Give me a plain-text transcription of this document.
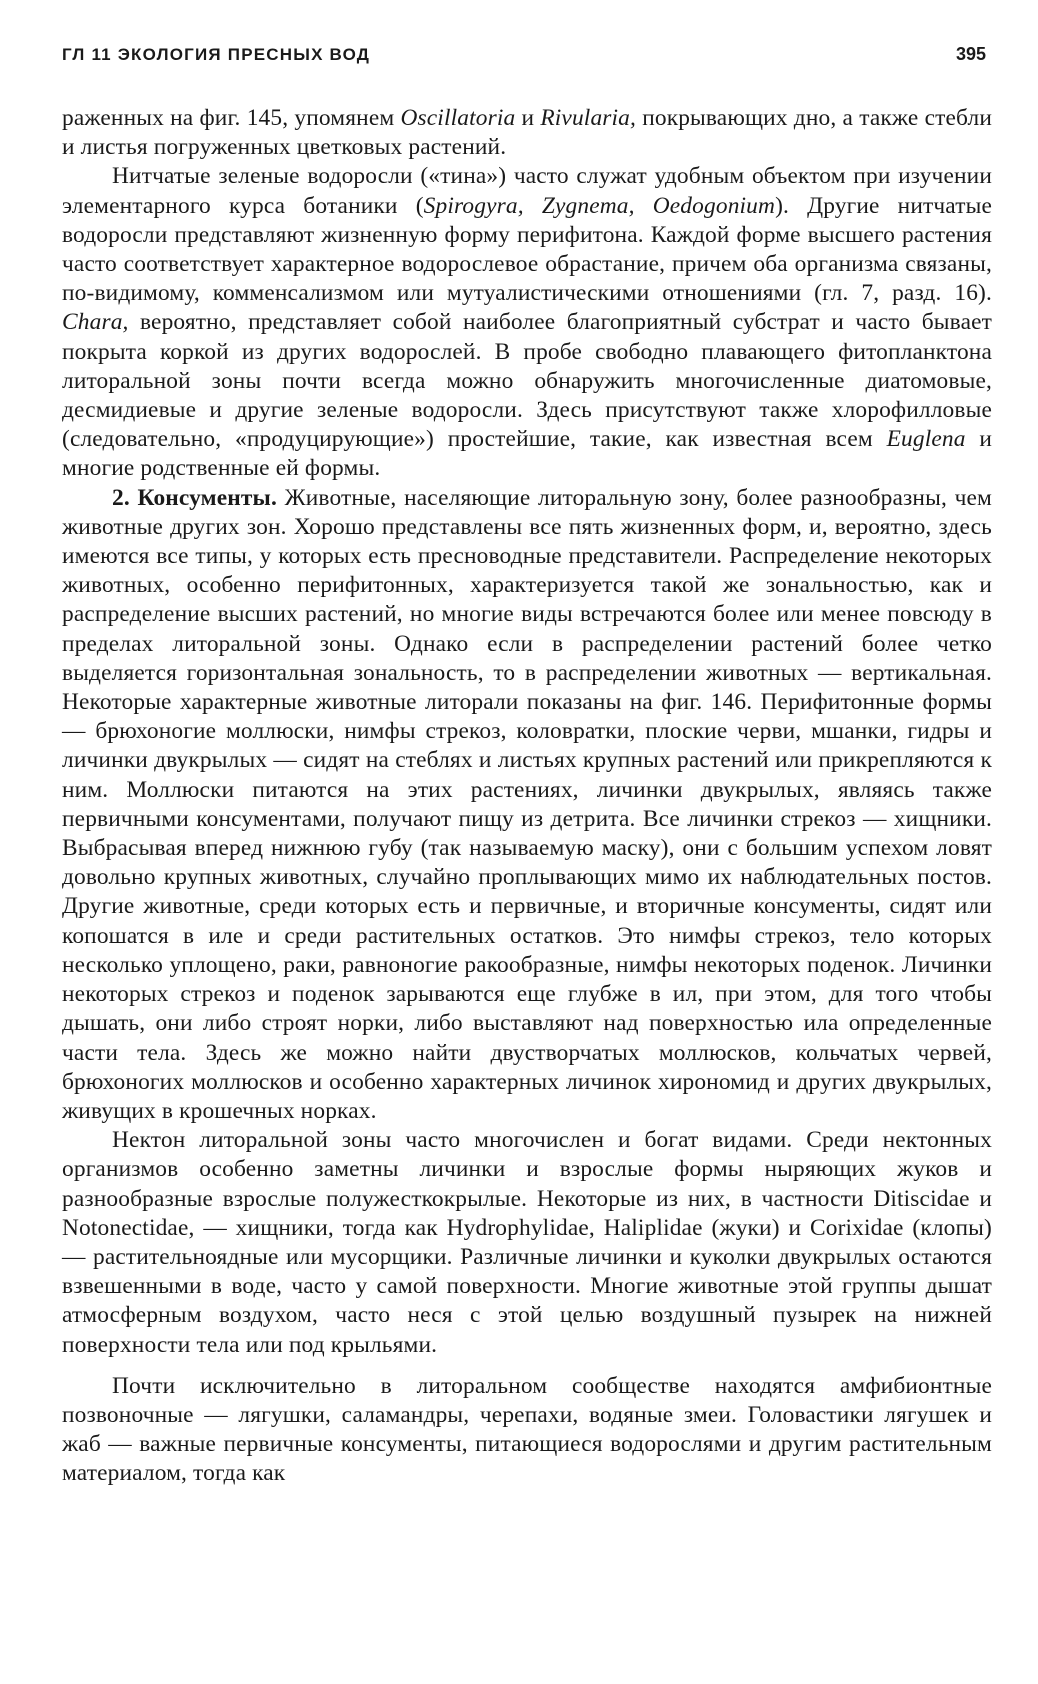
ГЛ 11 ЭКОЛОГИЯ ПРЕСНЫХ ВОД	395

раженных на фиг. 145, упомянем Oscillatoria и Rivularia, покрывающих дно, а также стебли и листья погруженных цветковых растений.

Нитчатые зеленые водоросли («тина») часто служат удобным объектом при изучении элементарного курса ботаники (Spirogyra, Zygnema, Oedogonium). Другие нитчатые водоросли представляют жизненную форму перифитона. Каждой форме высшего растения часто соответствует характерное водорослевое обрастание, причем оба организма связаны, по-видимому, комменсализмом или мутуалистическими отношениями (гл. 7, разд. 16). Chara, вероятно, представляет собой наиболее благоприятный субстрат и часто бывает покрыта коркой из других водорослей. В пробе свободно плавающего фитопланктона литоральной зоны почти всегда можно обнаружить многочисленные диатомовые, десмидиевые и другие зеленые водоросли. Здесь присутствуют также хлорофилловые (следовательно, «продуцирующие») простейшие, такие, как известная всем Euglena и многие родственные ей формы.

2. Консументы. Животные, населяющие литоральную зону, более разнообразны, чем животные других зон. Хорошо представлены все пять жизненных форм, и, вероятно, здесь имеются все типы, у которых есть пресноводные представители. Распределение некоторых животных, особенно перифитонных, характеризуется такой же зональностью, как и распределение высших растений, но многие виды встречаются более или менее повсюду в пределах литоральной зоны. Однако если в распределении растений более четко выделяется горизонтальная зональность, то в распределении животных — вертикальная. Некоторые характерные животные литорали показаны на фиг. 146. Перифитонные формы — брюхоногие моллюски, нимфы стрекоз, коловратки, плоские черви, мшанки, гидры и личинки двукрылых — сидят на стеблях и листьях крупных растений или прикрепляются к ним. Моллюски питаются на этих растениях, личинки двукрылых, являясь также первичными консументами, получают пищу из детрита. Все личинки стрекоз — хищники. Выбрасывая вперед нижнюю губу (так называемую маску), они с большим успехом ловят довольно крупных животных, случайно проплывающих мимо их наблюдательных постов. Другие животные, среди которых есть и первичные, и вторичные консументы, сидят или копошатся в иле и среди растительных остатков. Это нимфы стрекоз, тело которых несколько уплощено, раки, равноногие ракообразные, нимфы некоторых поденок. Личинки некоторых стрекоз и поденок зарываются еще глубже в ил, при этом, для того чтобы дышать, они либо строят норки, либо выставляют над поверхностью ила определенные части тела. Здесь же можно найти двустворчатых моллюсков, кольчатых червей, брюхоногих моллюсков и особенно характерных личинок хирономид и других двукрылых, живущих в крошечных норках.

Нектон литоральной зоны часто многочислен и богат видами. Среди нектонных организмов особенно заметны личинки и взрослые формы ныряющих жуков и разнообразные взрослые полужесткокрылые. Некоторые из них, в частности Ditiscidae и Notonectidae, — хищники, тогда как Hydrophylidae, Haliplidae (жуки) и Corixidae (клопы) — растительноядные или мусорщики. Различные личинки и куколки двукрылых остаются взвешенными в воде, часто у самой поверхности. Многие животные этой группы дышат атмосферным воздухом, часто неся с этой целью воздушный пузырек на нижней поверхности тела или под крыльями.

Почти исключительно в литоральном сообществе находятся амфибионтные позвоночные — лягушки, саламандры, черепахи, водяные змеи. Головастики лягушек и жаб — важные первичные консументы, питающиеся водорослями и другим растительным материалом, тогда как
